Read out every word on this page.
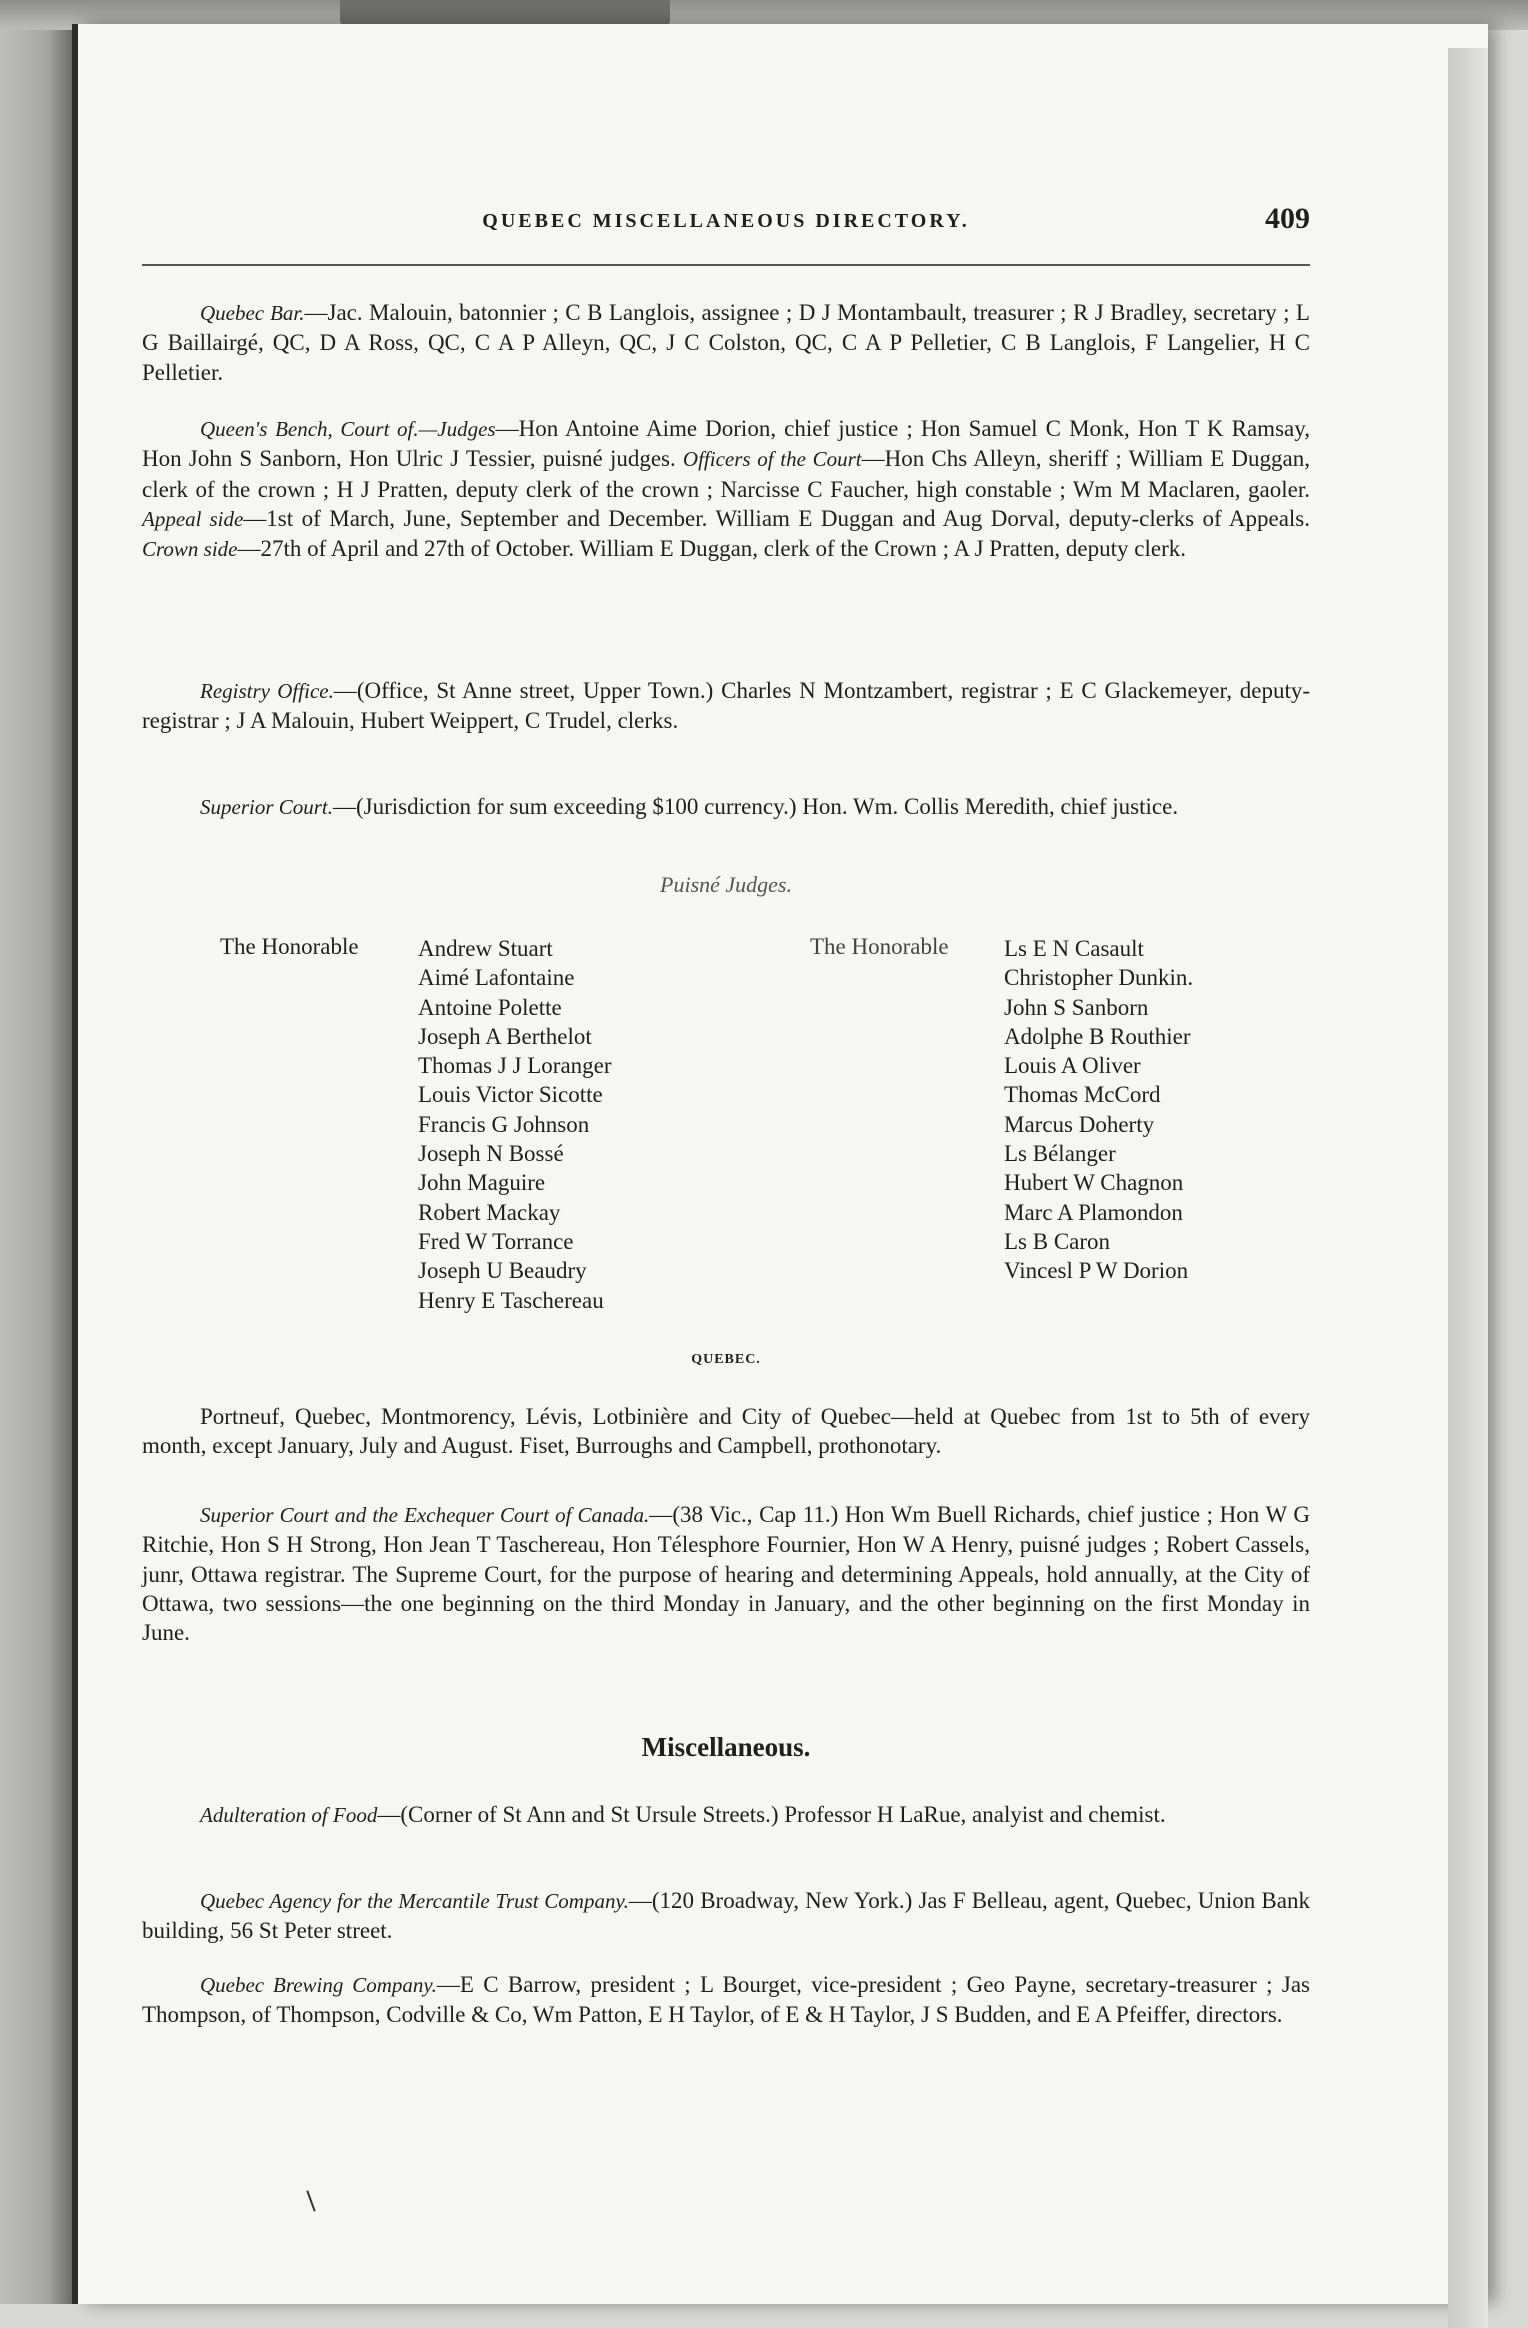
QUEBEC MISCELLANEOUS DIRECTORY.	409
Quebec Bar.—Jac. Malouin, batonnier ; C B Langlois, assignee ; D J Montambault, treasurer ; R J Bradley, secretary ; L G Baillairgé, QC, D A Ross, QC, C A P Alleyn, QC, J C Colston, QC, C A P Pelletier, C B Langlois, F Langelier, H C Pelletier.
Queen's Bench, Court of.—Judges—Hon Antoine Aime Dorion, chief justice ; Hon Samuel C Monk, Hon T K Ramsay, Hon John S Sanborn, Hon Ulric J Tessier, puisné judges. Officers of the Court—Hon Chs Alleyn, sheriff ; William E Duggan, clerk of the crown ; H J Pratten, deputy clerk of the crown ; Narcisse C Faucher, high constable ; Wm M Maclaren, gaoler. Appeal side—1st of March, June, September and December. William E Duggan and Aug Dorval, deputy-clerks of Appeals. Crown side—27th of April and 27th of October. William E Duggan, clerk of the Crown ; A J Pratten, deputy clerk.
Registry Office.—(Office, St Anne street, Upper Town.) Charles N Montzambert, registrar ; E C Glackemeyer, deputy-registrar ; J A Malouin, Hubert Weippert, C Trudel, clerks.
Superior Court.—(Jurisdiction for sum exceeding $100 currency.) Hon. Wm. Collis Meredith, chief justice.
Puisné Judges.
The Honorable	Andrew Stuart
Aimé Lafontaine
Antoine Polette
Joseph A Berthelot
Thomas J J Loranger
Louis Victor Sicotte
Francis G Johnson
Joseph N Bossé
John Maguire
Robert Mackay
Fred W Torrance
Joseph U Beaudry
Henry E Taschereau
The Honorable Ls E N Casault
Christopher Dunkin.
John S Sanborn
Adolphe B Routhier
Louis A Oliver
Thomas McCord
Marcus Doherty
Ls Bélanger
Hubert W Chagnon
Marc A Plamondon
Ls B Caron
Vincesl P W Dorion
QUEBEC.
Portneuf, Quebec, Montmorency, Lévis, Lotbinière and City of Quebec—held at Quebec from 1st to 5th of every month, except January, July and August. Fiset, Burroughs and Campbell, prothonotary.
Superior Court and the Exchequer Court of Canada.—(38 Vic., Cap 11.) Hon Wm Buell Richards, chief justice ; Hon W G Ritchie, Hon S H Strong, Hon Jean T Taschereau, Hon Télesphore Fournier, Hon W A Henry, puisné judges ; Robert Cassels, junr, Ottawa registrar. The Supreme Court, for the purpose of hearing and determining Appeals, hold annually, at the City of Ottawa, two sessions—the one beginning on the third Monday in January, and the other beginning on the first Monday in June.
Miscellaneous.
Adulteration of Food—(Corner of St Ann and St Ursule Streets.) Professor H LaRue, analyist and chemist.
Quebec Agency for the Mercantile Trust Company.—(120 Broadway, New York.) Jas F Belleau, agent, Quebec, Union Bank building, 56 St Peter street.
Quebec Brewing Company.—E C Barrow, president ; L Bourget, vice-president ; Geo Payne, secretary-treasurer ; Jas Thompson, of Thompson, Codville & Co, Wm Patton, E H Taylor, of E & H Taylor, J S Budden, and E A Pfeiffer, directors.
